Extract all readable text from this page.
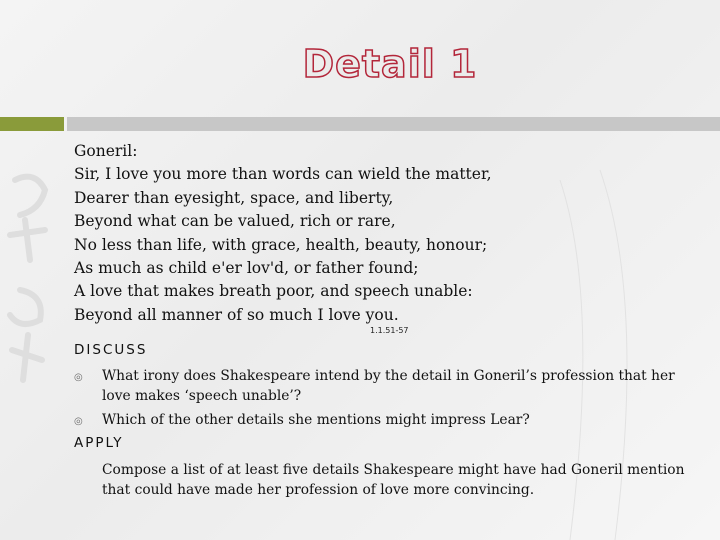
Detail 1
Goneril:
Sir, I love you more than words can wield the matter,
Dearer than eyesight, space, and liberty,
Beyond what can be valued, rich or rare,
No less than life, with grace, health, beauty, honour;
As much as child e'er lov'd, or father found;
A love that makes breath poor, and speech unable:
Beyond all manner of so much I love you.
1.1.51-57
DISCUSS
◎ What irony does Shakespeare intend by the detail in Goneril’s profession that her love makes ‘speech unable’?
◎ Which of the other details she mentions might impress Lear?
APPLY
Compose a list of at least five details Shakespeare might have had Goneril mention that could have made her profession of love more convincing.
